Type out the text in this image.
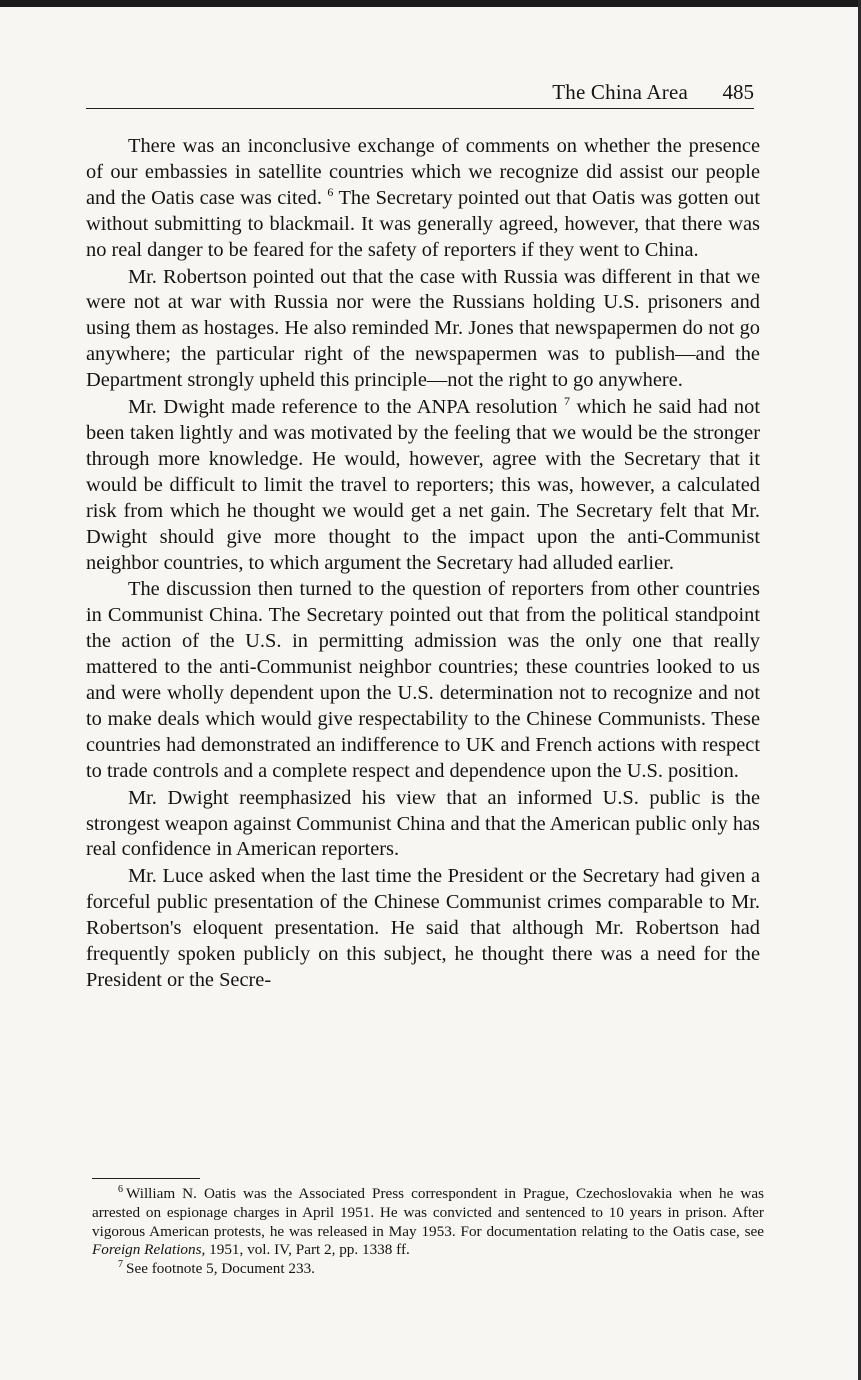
The China Area 485

There was an inconclusive exchange of comments on whether the presence of our embassies in satellite countries which we recognize did assist our people and the Oatis case was cited. $^6$ The Secretary pointed out that Oatis was gotten out without submitting to blackmail. It was generally agreed, however, that there was no real danger to be feared for the safety of reporters if they went to China.

Mr. Robertson pointed out that the case with Russia was different in that we were not at war with Russia nor were the Russians holding U.S. prisoners and using them as hostages. He also reminded Mr. Jones that newspapermen do not go anywhere; the particular right of the newspapermen was to publish—and the Department strongly upheld this principle—not the right to go anywhere.

Mr. Dwight made reference to the ANPA resolution $^7$ which he said had not been taken lightly and was motivated by the feeling that we would be the stronger through more knowledge. He would, however, agree with the Secretary that it would be difficult to limit the travel to reporters; this was, however, a calculated risk from which he thought we would get a net gain. The Secretary felt that Mr. Dwight should give more thought to the impact upon the anti-Communist neighbor countries, to which argument the Secretary had alluded earlier.

The discussion then turned to the question of reporters from other countries in Communist China. The Secretary pointed out that from the political standpoint the action of the U.S. in permitting admission was the only one that really mattered to the anti-Communist neighbor countries; these countries looked to us and were wholly dependent upon the U.S. determination not to recognize and not to make deals which would give respectability to the Chinese Communists. These countries had demonstrated an indifference to UK and French actions with respect to trade controls and a complete respect and dependence upon the U.S. position.

Mr. Dwight reemphasized his view that an informed U.S. public is the strongest weapon against Communist China and that the American public only has real confidence in American reporters.

Mr. Luce asked when the last time the President or the Secretary had given a forceful public presentation of the Chinese Communist crimes comparable to Mr. Robertson's eloquent presentation. He said that although Mr. Robertson had frequently spoken publicly on this subject, he thought there was a need for the President or the Secre-

$^6$ William N. Oatis was the Associated Press correspondent in Prague, Czechoslovakia when he was arrested on espionage charges in April 1951. He was convicted and sentenced to 10 years in prison. After vigorous American protests, he was released in May 1953. For documentation relating to the Oatis case, see Foreign Relations, 1951, vol. IV, Part 2, pp. 1338 ff.

$^7$ See footnote 5, Document 233.
